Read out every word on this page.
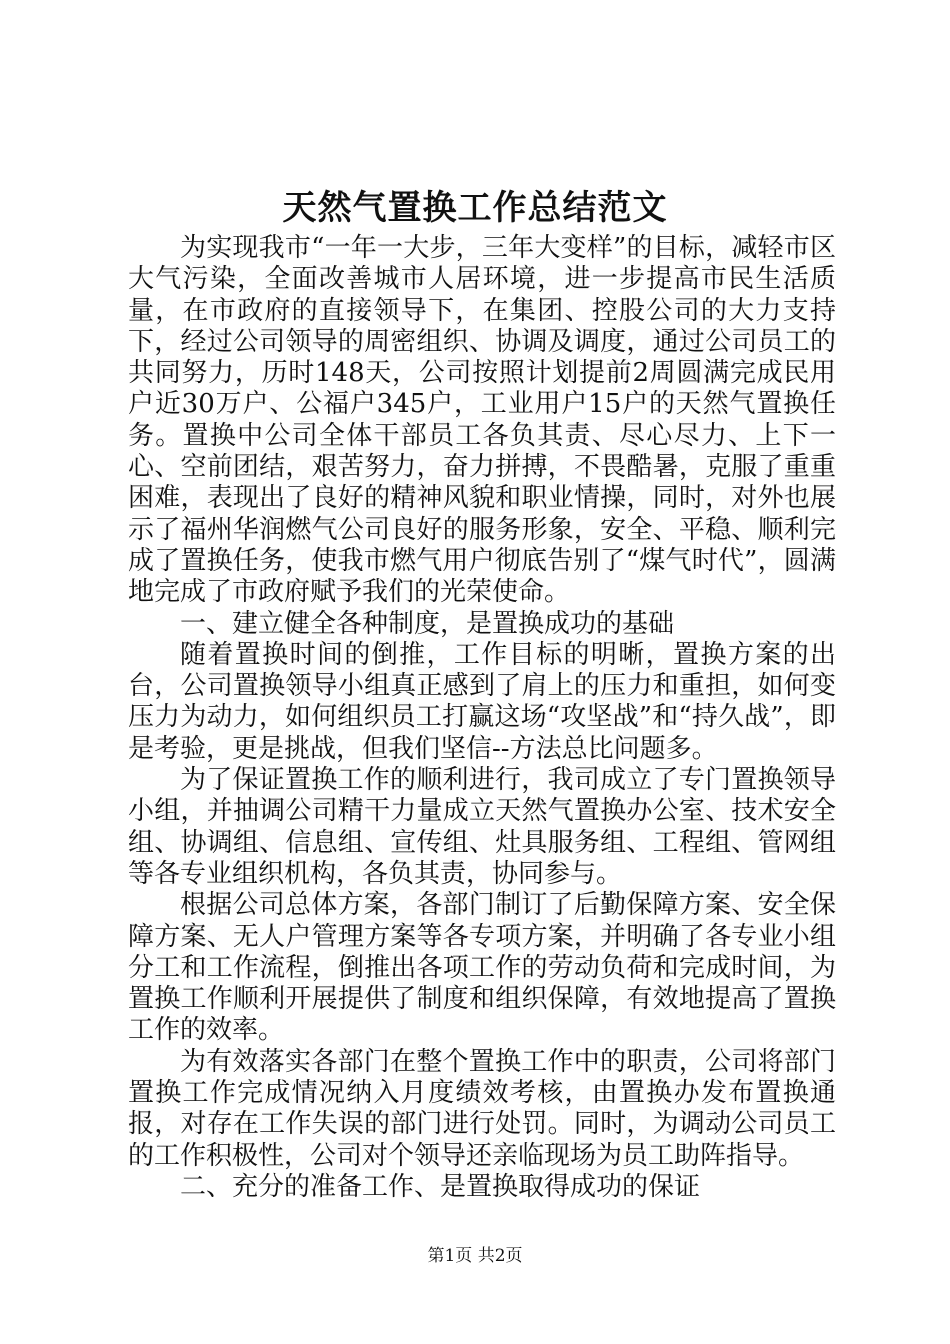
天然气置换工作总结范文

为实现我市“一年一大步，三年大变样”的目标，减轻市区大气污染，全面改善城市人居环境，进一步提高市民生活质量，在市政府的直接领导下，在集团、控股公司的大力支持下，经过公司领导的周密组织、协调及调度，通过公司员工的共同努力，历时148天，公司按照计划提前2周圆满完成民用户近30万户、公福户345户，工业用户15户的天然气置换任务。置换中公司全体干部员工各负其责、尽心尽力、上下一心、空前团结，艰苦努力，奋力拼搏，不畏酷暑，克服了重重困难，表现出了良好的精神风貌和职业情操，同时，对外也展示了福州华润燃气公司良好的服务形象，安全、平稳、顺利完成了置换任务，使我市燃气用户彻底告别了“煤气时代”，圆满地完成了市政府赋予我们的光荣使命。

一、建立健全各种制度，是置换成功的基础

随着置换时间的倒推，工作目标的明晰，置换方案的出台，公司置换领导小组真正感到了肩上的压力和重担，如何变压力为动力，如何组织员工打赢这场“攻坚战”和“持久战”，即是考验，更是挑战，但我们坚信--方法总比问题多。

为了保证置换工作的顺利进行，我司成立了专门置换领导小组，并抽调公司精干力量成立天然气置换办公室、技术安全组、协调组、信息组、宣传组、灶具服务组、工程组、管网组等各专业组织机构，各负其责，协同参与。

根据公司总体方案，各部门制订了后勤保障方案、安全保障方案、无人户管理方案等各专项方案，并明确了各专业小组分工和工作流程，倒推出各项工作的劳动负荷和完成时间，为置换工作顺利开展提供了制度和组织保障，有效地提高了置换工作的效率。

为有效落实各部门在整个置换工作中的职责，公司将部门置换工作完成情况纳入月度绩效考核，由置换办发布置换通报，对存在工作失误的部门进行处罚。同时，为调动公司员工的工作积极性，公司对个领导还亲临现场为员工助阵指导。

二、充分的准备工作、是置换取得成功的保证

第1页 共2页
